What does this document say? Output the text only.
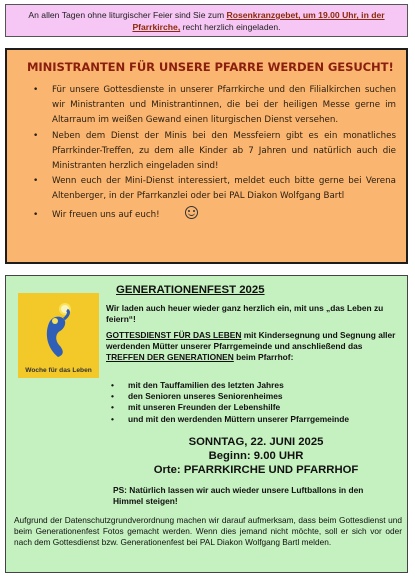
An allen Tagen ohne liturgischer Feier sind Sie zum Rosenkranzgebet, um 19.00 Uhr, in der Pfarrkirche, recht herzlich eingeladen.

MINISTRANTEN FÜR UNSERE PFARRE WERDEN GESUCHT!
• Für unsere Gottesdienste in unserer Pfarrkirche und den Filialkirchen suchen wir Ministranten und Ministrantinnen, die bei der heiligen Messe gerne im Altarraum im weißen Gewand einen liturgischen Dienst versehen.
• Neben dem Dienst der Minis bei den Messfeiern gibt es ein monatliches Pfarrkinder-Treffen, zu dem alle Kinder ab 7 Jahren und natürlich auch die Ministranten herzlich eingeladen sind!
• Wenn euch der Mini-Dienst interessiert, meldet euch bitte gerne bei Verena Altenberger, in der Pfarrkanzlei oder bei PAL Diakon Wolfgang Bartl
• Wir freuen uns auf euch!
Woche für das Leben
GENERATIONENFEST 2025
Wir laden auch heuer wieder ganz herzlich ein, mit uns „das Leben zu feiern“!
GOTTESDIENST FÜR DAS LEBEN mit Kindersegnung und Segnung aller werdenden Mütter unserer Pfarrgemeinde und anschließend das TREFFEN DER GENERATIONEN beim Pfarrhof:
• mit den Tauffamilien des letzten Jahres
• den Senioren unseres Seniorenheimes
• mit unseren Freunden der Lebenshilfe
• und mit den werdenden Müttern unserer Pfarrgemeinde
SONNTAG, 22. JUNI 2025
Beginn: 9.00 UHR
Orte: PFARRKIRCHE UND PFARRHOF
PS: Natürlich lassen wir auch wieder unsere Luftballons in den Himmel steigen!
Aufgrund der Datenschutzgrundverordnung machen wir darauf aufmerksam, dass beim Gottesdienst und beim Generationenfest Fotos gemacht werden. Wenn dies jemand nicht möchte, soll er sich vor oder nach dem Gottesdienst bzw. Generationenfest bei PAL Diakon Wolfgang Bartl melden.
